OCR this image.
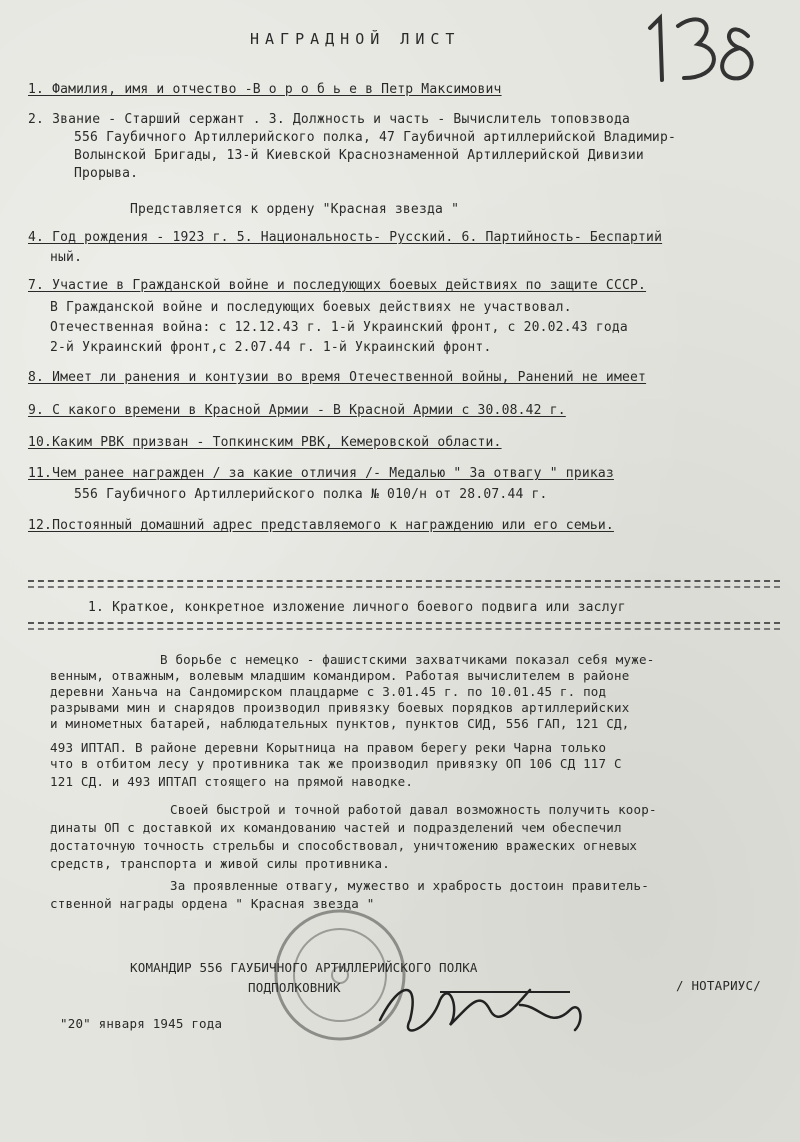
НАГРАДНОЙ ЛИСТ
1. Фамилия, имя и отчество -В о р о б ь е в Петр Максимович
2. Звание - Старший сержант . 3. Должность и часть - Вычислитель топовзвода
556 Гаубичного Артиллерийского полка, 47 Гаубичной артиллерийской Владимир-
Волынской Бригады, 13-й Киевской Краснознаменной Артиллерийской Дивизии
Прорыва.
Представляется к ордену "Красная звезда "
4. Год рождения - 1923 г. 5. Национальность- Русский. 6. Партийность- Беспартий
ный.
7. Участие в Гражданской войне и последующих боевых действиях по защите СССР.
В Гражданской войне и последующих боевых действиях не участвовал.
Отечественная война: с 12.12.43 г. 1-й Украинский фронт, с 20.02.43 года
2-й Украинский фронт,с 2.07.44 г. 1-й Украинский фронт.
8. Имеет ли ранения и контузии во время Отечественной войны, Ранений не имеет
9. С какого времени в Красной Армии - В Красной Армии с 30.08.42 г.
10.Каким РВК призван - Топкинским РВК, Кемеровской области.
11.Чем ранее награжден / за какие отличия /- Медалью " За отвагу " приказ
556 Гаубичного Артиллерийского полка № 010/н от 28.07.44 г.
12.Постоянный домашний адрес представляемого к награждению или его семьи.
1. Краткое, конкретное изложение личного боевого подвига или заслуг
В борьбе с немецко - фашистскими захватчиками показал себя муже-
венным, отважным, волевым младшим командиром. Работая вычислителем в районе
деревни Ханьча на Сандомирском плацдарме с 3.01.45 г. по 10.01.45 г. под
разрывами мин и снарядов производил привязку боевых порядков артиллерийских
и минометных батарей, наблюдательных пунктов, пунктов СИД, 556 ГАП, 121 СД,
493 ИПТАП. В районе деревни Корытница на правом берегу реки Чарна только
что в отбитом лесу у противника так же производил привязку ОП 106 СД 117 С
121 СД. и 493 ИПТАП стоящего на прямой наводке.
Своей быстрой и точной работой давал возможность получить коор-
динаты ОП с доставкой их командованию частей и подразделений чем обеспечил
достаточную точность стрельбы и способствовал, уничтожению вражеских огневых
средств, транспорта и живой силы противника.
За проявленные отвагу, мужество и храбрость достоин правитель-
ственной награды ордена " Красная звезда "
КОМАНДИР 556 ГАУБИЧНОГО АРТИЛЛЕРИЙСКОГО ПОЛКА
ПОДПОЛКОВНИК	/ НОТАРИУС/
"20" января 1945 года
